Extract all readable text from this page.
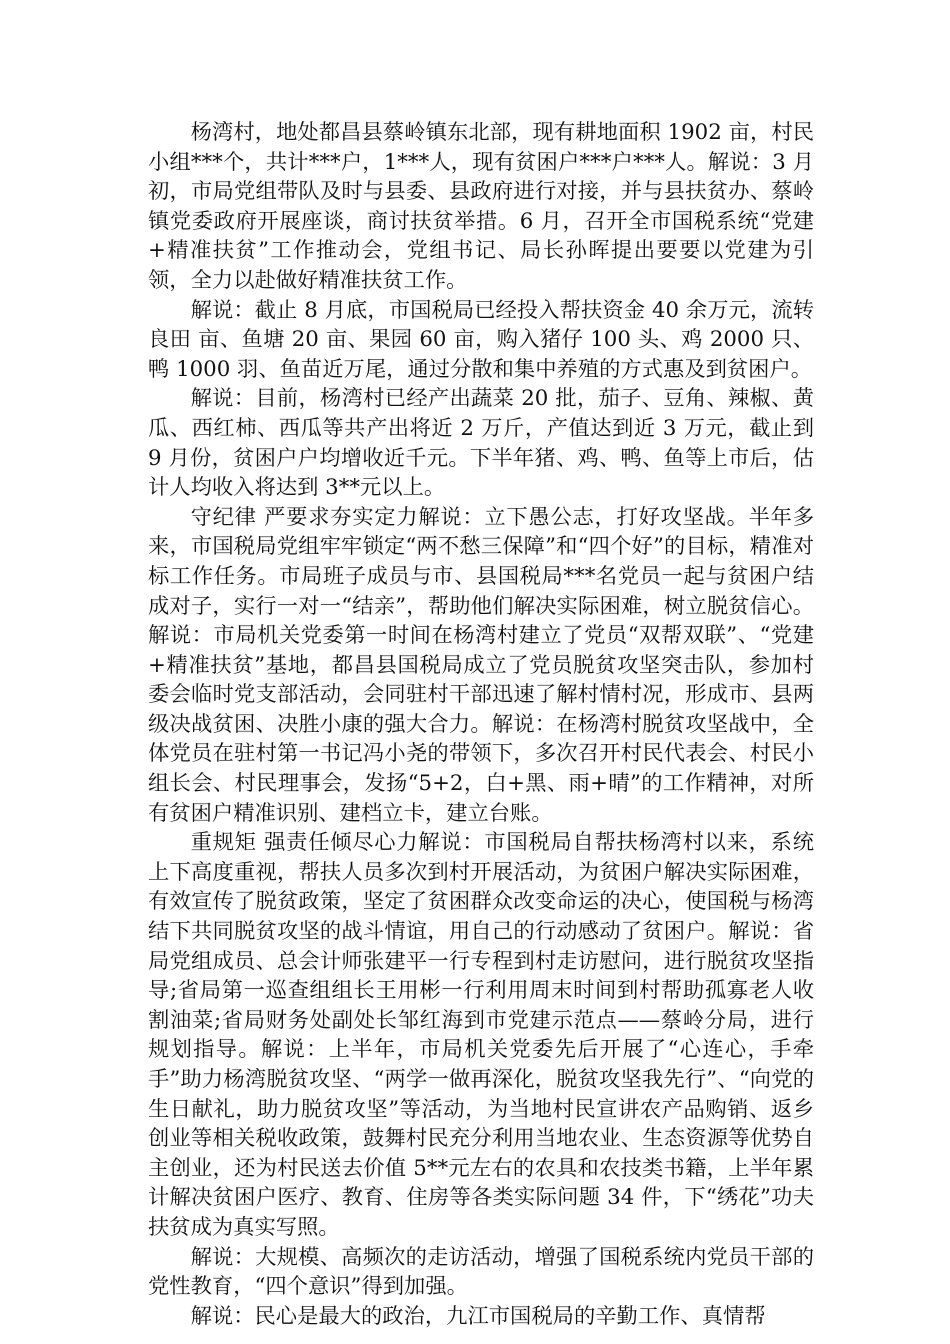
杨湾村，地处都昌县蔡岭镇东北部，现有耕地面积 1902 亩，村民小组***个，共计***户，1***人，现有贫困户***户***人。解说：3 月初，市局党组带队及时与县委、县政府进行对接，并与县扶贫办、蔡岭镇党委政府开展座谈，商讨扶贫举措。6 月，召开全市国税系统“党建+精准扶贫”工作推动会，党组书记、局长孙晖提出要要以党建为引领，全力以赴做好精准扶贫工作。

解说：截止 8 月底，市国税局已经投入帮扶资金 40 余万元，流转良田 亩、鱼塘 20 亩、果园 60 亩，购入猪仔 100 头、鸡 2000 只、鸭 1000 羽、鱼苗近万尾，通过分散和集中养殖的方式惠及到贫困户。

解说：目前，杨湾村已经产出蔬菜 20 批，茄子、豆角、辣椒、黄瓜、西红柿、西瓜等共产出将近 2 万斤，产值达到近 3 万元，截止到 9 月份，贫困户户均增收近千元。下半年猪、鸡、鸭、鱼等上市后，估计人均收入将达到 3**元以上。

守纪律 严要求夯实定力解说：立下愚公志，打好攻坚战。半年多来，市国税局党组牢牢锁定“两不愁三保障”和“四个好”的目标，精准对标工作任务。市局班子成员与市、县国税局***名党员一起与贫困户结成对子，实行一对一“结亲”，帮助他们解决实际困难，树立脱贫信心。解说：市局机关党委第一时间在杨湾村建立了党员“双帮双联”、“党建+精准扶贫”基地，都昌县国税局成立了党员脱贫攻坚突击队，参加村委会临时党支部活动，会同驻村干部迅速了解村情村况，形成市、县两级决战贫困、决胜小康的强大合力。解说：在杨湾村脱贫攻坚战中，全体党员在驻村第一书记冯小尧的带领下，多次召开村民代表会、村民小组长会、村民理事会，发扬“5+2，白+黑、雨+晴”的工作精神，对所有贫困户精准识别、建档立卡，建立台账。

重规矩 强责任倾尽心力解说：市国税局自帮扶杨湾村以来，系统上下高度重视，帮扶人员多次到村开展活动，为贫困户解决实际困难，有效宣传了脱贫政策，坚定了贫困群众改变命运的决心，使国税与杨湾结下共同脱贫攻坚的战斗情谊，用自己的行动感动了贫困户。解说：省局党组成员、总会计师张建平一行专程到村走访慰问，进行脱贫攻坚指导;省局第一巡查组组长王用彬一行利用周末时间到村帮助孤寡老人收割油菜;省局财务处副处长邹红海到市党建示范点——蔡岭分局，进行规划指导。解说：上半年，市局机关党委先后开展了“心连心，手牵手”助力杨湾脱贫攻坚、“两学一做再深化，脱贫攻坚我先行”、“向党的生日献礼，助力脱贫攻坚”等活动，为当地村民宣讲农产品购销、返乡创业等相关税收政策，鼓舞村民充分利用当地农业、生态资源等优势自主创业，还为村民送去价值 5**元左右的农具和农技类书籍，上半年累计解决贫困户医疗、教育、住房等各类实际问题 34 件，下“绣花”功夫扶贫成为真实写照。

解说：大规模、高频次的走访活动，增强了国税系统内党员干部的党性教育，“四个意识”得到加强。

解说：民心是最大的政治，九江市国税局的辛勤工作、真情帮
